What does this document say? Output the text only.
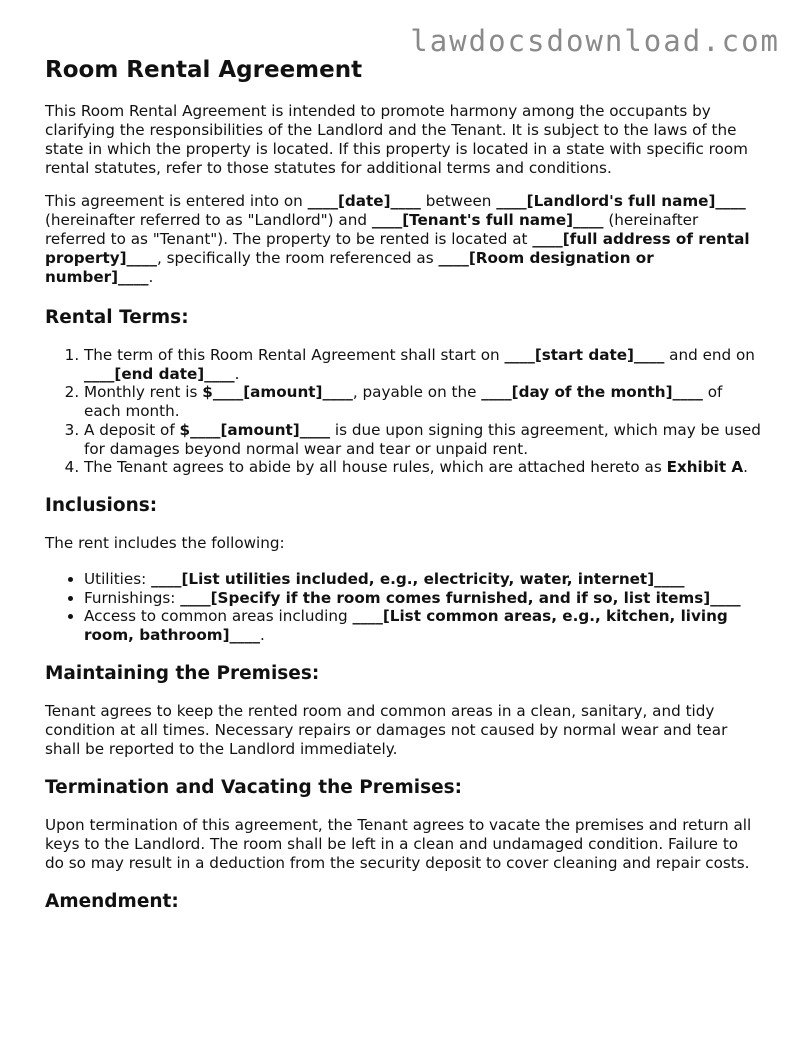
lawdocsdownload.com
Room Rental Agreement

This Room Rental Agreement is intended to promote harmony among the occupants by clarifying the responsibilities of the Landlord and the Tenant. It is subject to the laws of the state in which the property is located. If this property is located in a state with specific room rental statutes, refer to those statutes for additional terms and conditions.

This agreement is entered into on ____[date]____ between ____[Landlord's full name]____ (hereinafter referred to as "Landlord") and ____[Tenant's full name]____ (hereinafter referred to as "Tenant"). The property to be rented is located at ____[full address of rental property]____, specifically the room referenced as ____[Room designation or number]____.

Rental Terms:
1. The term of this Room Rental Agreement shall start on ____[start date]____ and end on ____[end date]____.
2. Monthly rent is $____[amount]____, payable on the ____[day of the month]____ of each month.
3. A deposit of $____[amount]____ is due upon signing this agreement, which may be used for damages beyond normal wear and tear or unpaid rent.
4. The Tenant agrees to abide by all house rules, which are attached hereto as Exhibit A.
Inclusions:

The rent includes the following:

• Utilities: ____[List utilities included, e.g., electricity, water, internet]____
• Furnishings: ____[Specify if the room comes furnished, and if so, list items]____
• Access to common areas including ____[List common areas, e.g., kitchen, living room, bathroom]____.
Maintaining the Premises:

Tenant agrees to keep the rented room and common areas in a clean, sanitary, and tidy condition at all times. Necessary repairs or damages not caused by normal wear and tear shall be reported to the Landlord immediately.

Termination and Vacating the Premises:

Upon termination of this agreement, the Tenant agrees to vacate the premises and return all keys to the Landlord. The room shall be left in a clean and undamaged condition. Failure to do so may result in a deduction from the security deposit to cover cleaning and repair costs.

Amendment:
